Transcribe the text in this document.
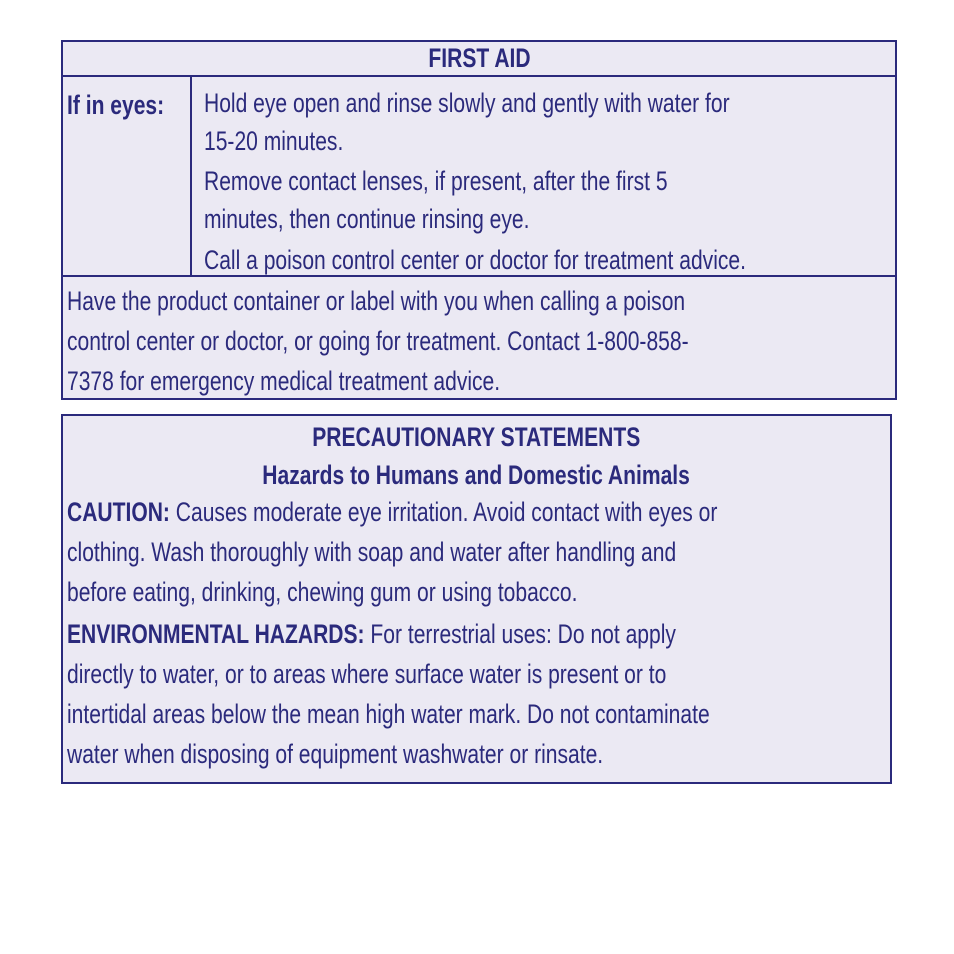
FIRST AID
If in eyes: Hold eye open and rinse slowly and gently with water for
15-20 minutes.
Remove contact lenses, if present, after the first 5
minutes, then continue rinsing eye.
Call a poison control center or doctor for treatment advice.
Have the product container or label with you when calling a poison
control center or doctor, or going for treatment. Contact 1-800-858-
7378 for emergency medical treatment advice.
PRECAUTIONARY STATEMENTS
Hazards to Humans and Domestic Animals
CAUTION: Causes moderate eye irritation. Avoid contact with eyes or
clothing. Wash thoroughly with soap and water after handling and
before eating, drinking, chewing gum or using tobacco.
ENVIRONMENTAL HAZARDS: For terrestrial uses: Do not apply
directly to water, or to areas where surface water is present or to
intertidal areas below the mean high water mark. Do not contaminate
water when disposing of equipment washwater or rinsate.
